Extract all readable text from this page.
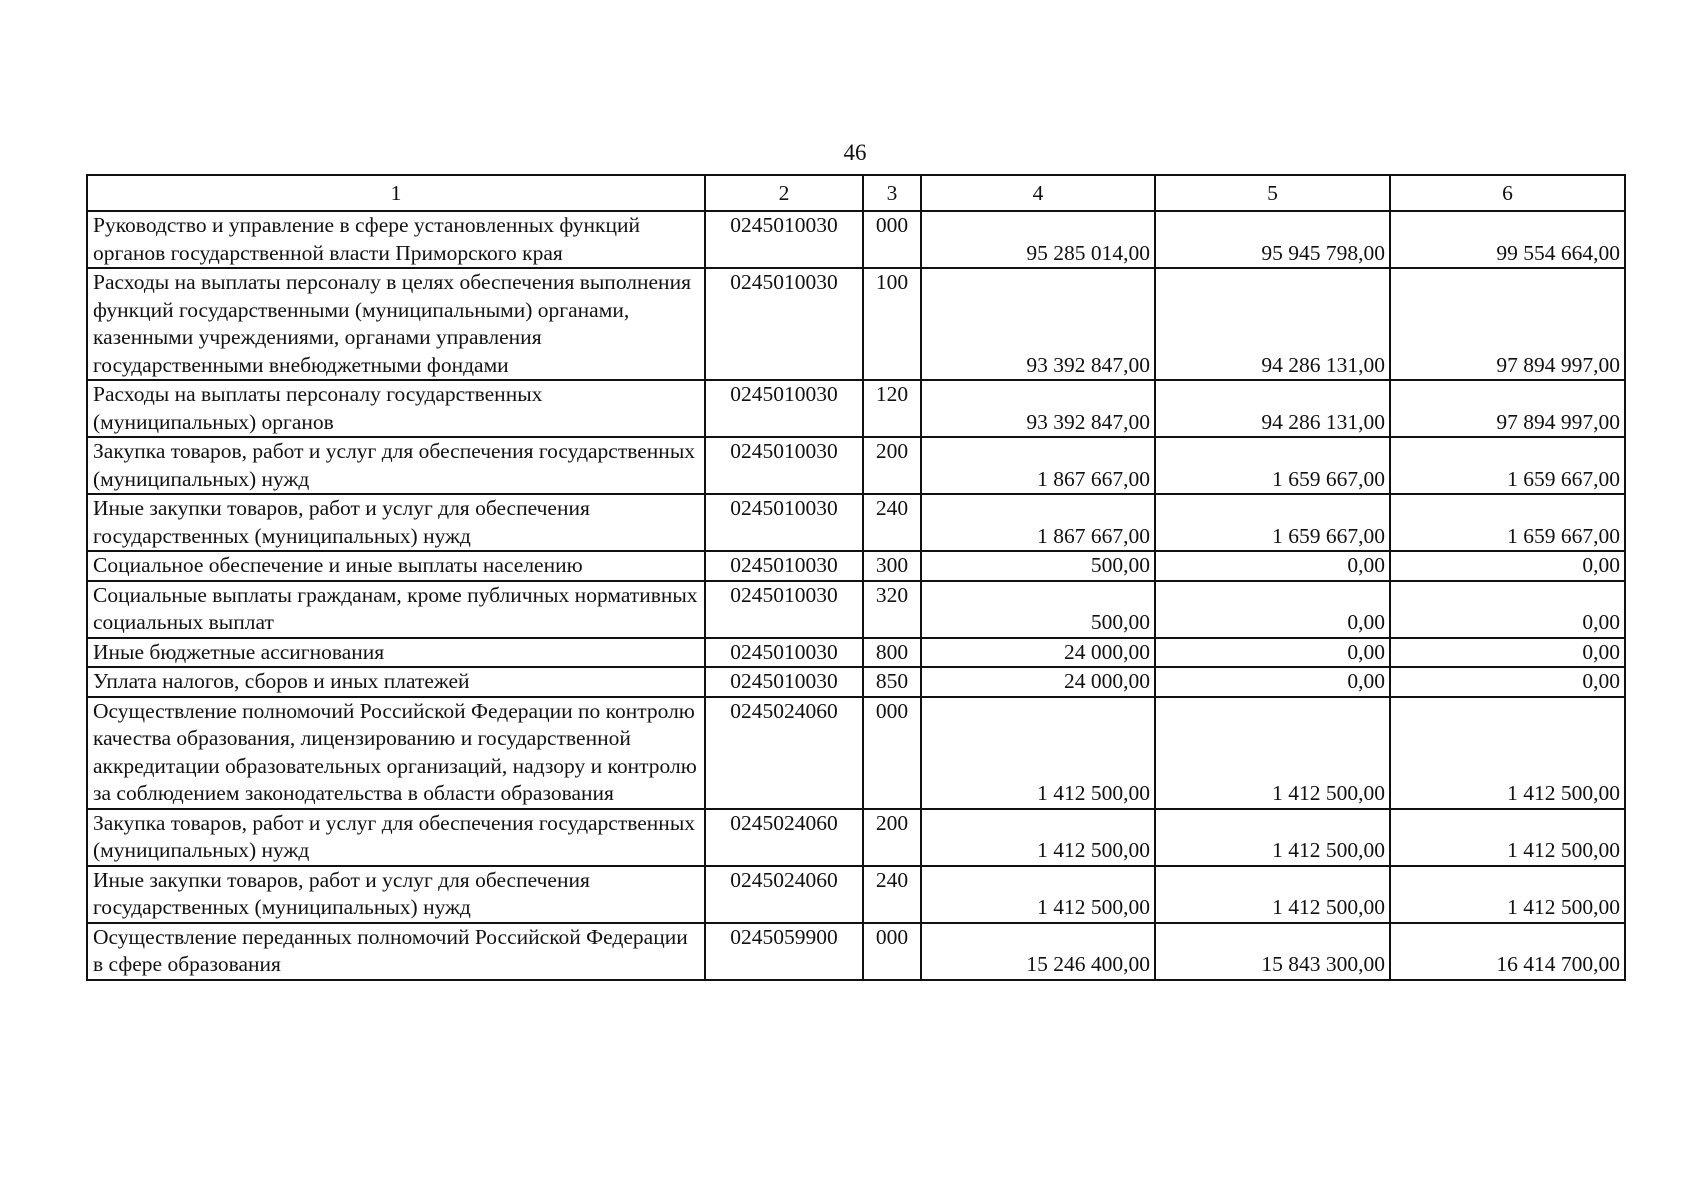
46
1	2	3	4	5	6
Руководство и управление в сфере установленных функций органов государственной власти Приморского края	0245010030	000	95 285 014,00	95 945 798,00	99 554 664,00
Расходы на выплаты персоналу в целях обеспечения выполнения функций государственными (муниципальными) органами, казенными учреждениями, органами управления государственными внебюджетными фондами	0245010030	100	93 392 847,00	94 286 131,00	97 894 997,00
Расходы на выплаты персоналу государственных (муниципальных) органов	0245010030	120	93 392 847,00	94 286 131,00	97 894 997,00
Закупка товаров, работ и услуг для обеспечения государственных (муниципальных) нужд	0245010030	200	1 867 667,00	1 659 667,00	1 659 667,00
Иные закупки товаров, работ и услуг для обеспечения государственных (муниципальных) нужд	0245010030	240	1 867 667,00	1 659 667,00	1 659 667,00
Социальное обеспечение и иные выплаты населению	0245010030	300	500,00	0,00	0,00
Социальные выплаты гражданам, кроме публичных нормативных социальных выплат	0245010030	320	500,00	0,00	0,00
Иные бюджетные ассигнования	0245010030	800	24 000,00	0,00	0,00
Уплата налогов, сборов и иных платежей	0245010030	850	24 000,00	0,00	0,00
Осуществление полномочий Российской Федерации по контролю качества образования, лицензированию и государственной аккредитации образовательных организаций, надзору и контролю за соблюдением законодательства в области образования	0245024060	000	1 412 500,00	1 412 500,00	1 412 500,00
Закупка товаров, работ и услуг для обеспечения государственных (муниципальных) нужд	0245024060	200	1 412 500,00	1 412 500,00	1 412 500,00
Иные закупки товаров, работ и услуг для обеспечения государственных (муниципальных) нужд	0245024060	240	1 412 500,00	1 412 500,00	1 412 500,00
Осуществление переданных полномочий Российской Федерации в сфере образования	0245059900	000	15 246 400,00	15 843 300,00	16 414 700,00
